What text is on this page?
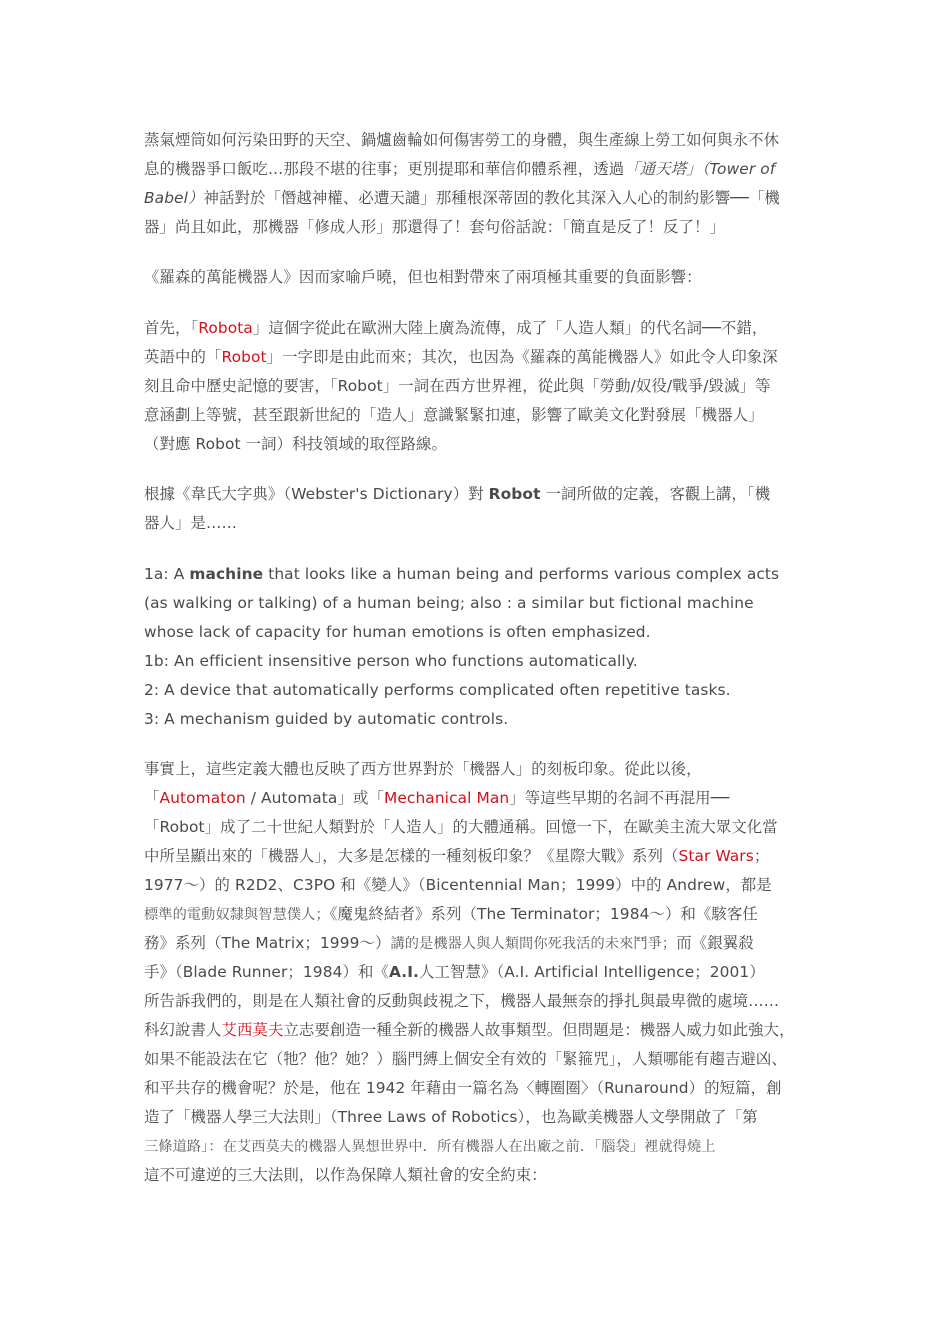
蒸氣煙筒如何污染田野的天空、鍋爐齒輪如何傷害勞工的身體，與生產線上勞工如何與永不休
息的機器爭口飯吃…那段不堪的往事；更別提耶和華信仰體系裡，透過「通天塔」（Tower of
Babel）神話對於「僭越神權、必遭天譴」那種根深蒂固的教化其深入人心的制約影響──「機
器」尚且如此，那機器「修成人形」那還得了！套句俗話說：「簡直是反了！反了！」
《羅森的萬能機器人》因而家喻戶曉，但也相對帶來了兩項極其重要的負面影響：
首先，「Robota」這個字從此在歐洲大陸上廣為流傳，成了「人造人類」的代名詞──不錯，
英語中的「Robot」一字即是由此而來；其次，也因為《羅森的萬能機器人》如此令人印象深
刻且命中歷史記憶的要害，「Robot」一詞在西方世界裡，從此與「勞動/奴役/戰爭/毀滅」等
意涵劃上等號，甚至跟新世紀的「造人」意識緊緊扣連，影響了歐美文化對發展「機器人」
（對應 Robot 一詞）科技領域的取徑路線。
根據《韋氏大字典》（Webster's Dictionary）對 Robot 一詞所做的定義，客觀上講，「機
器人」是……
1a: A machine that looks like a human being and performs various complex acts
(as walking or talking) of a human being; also : a similar but fictional machine
whose lack of capacity for human emotions is often emphasized.
1b: An efficient insensitive person who functions automatically.
2: A device that automatically performs complicated often repetitive tasks.
3: A mechanism guided by automatic controls.
事實上，這些定義大體也反映了西方世界對於「機器人」的刻板印象。從此以後，
「Automaton / Automata」或「Mechanical Man」等這些早期的名詞不再混用──
「Robot」成了二十世紀人類對於「人造人」的大體通稱。回憶一下，在歐美主流大眾文化當
中所呈顯出來的「機器人」，大多是怎樣的一種刻板印象？《星際大戰》系列（Star Wars；
1977～）的 R2D2、C3PO 和《變人》（Bicentennial Man；1999）中的 Andrew，都是
標準的電動奴隸與智慧僕人；《魔鬼終結者》系列（The Terminator；1984～）和《駭客任
務》系列（The Matrix；1999～）講的是機器人與人類間你死我活的未來鬥爭；而《銀翼殺
手》（Blade Runner；1984）和《A.I.人工智慧》（A.I. Artificial Intelligence；2001）
所告訴我們的，則是在人類社會的反動與歧視之下，機器人最無奈的掙扎與最卑微的處境……
科幻說書人艾西莫夫立志要創造一種全新的機器人故事類型。但問題是：機器人威力如此強大，
如果不能設法在它（牠？他？她？）腦門縛上個安全有效的「緊箍咒」，人類哪能有趨吉避凶、
和平共存的機會呢？於是，他在 1942 年藉由一篇名為〈轉圈圈〉（Runaround）的短篇，創
造了「機器人學三大法則」（Three Laws of Robotics），也為歐美機器人文學開啟了「第
三條道路」：在艾西莫夫的機器人異想世界中．所有機器人在出廠之前．「腦袋」裡就得燒上
這不可違逆的三大法則，以作為保障人類社會的安全約束：
